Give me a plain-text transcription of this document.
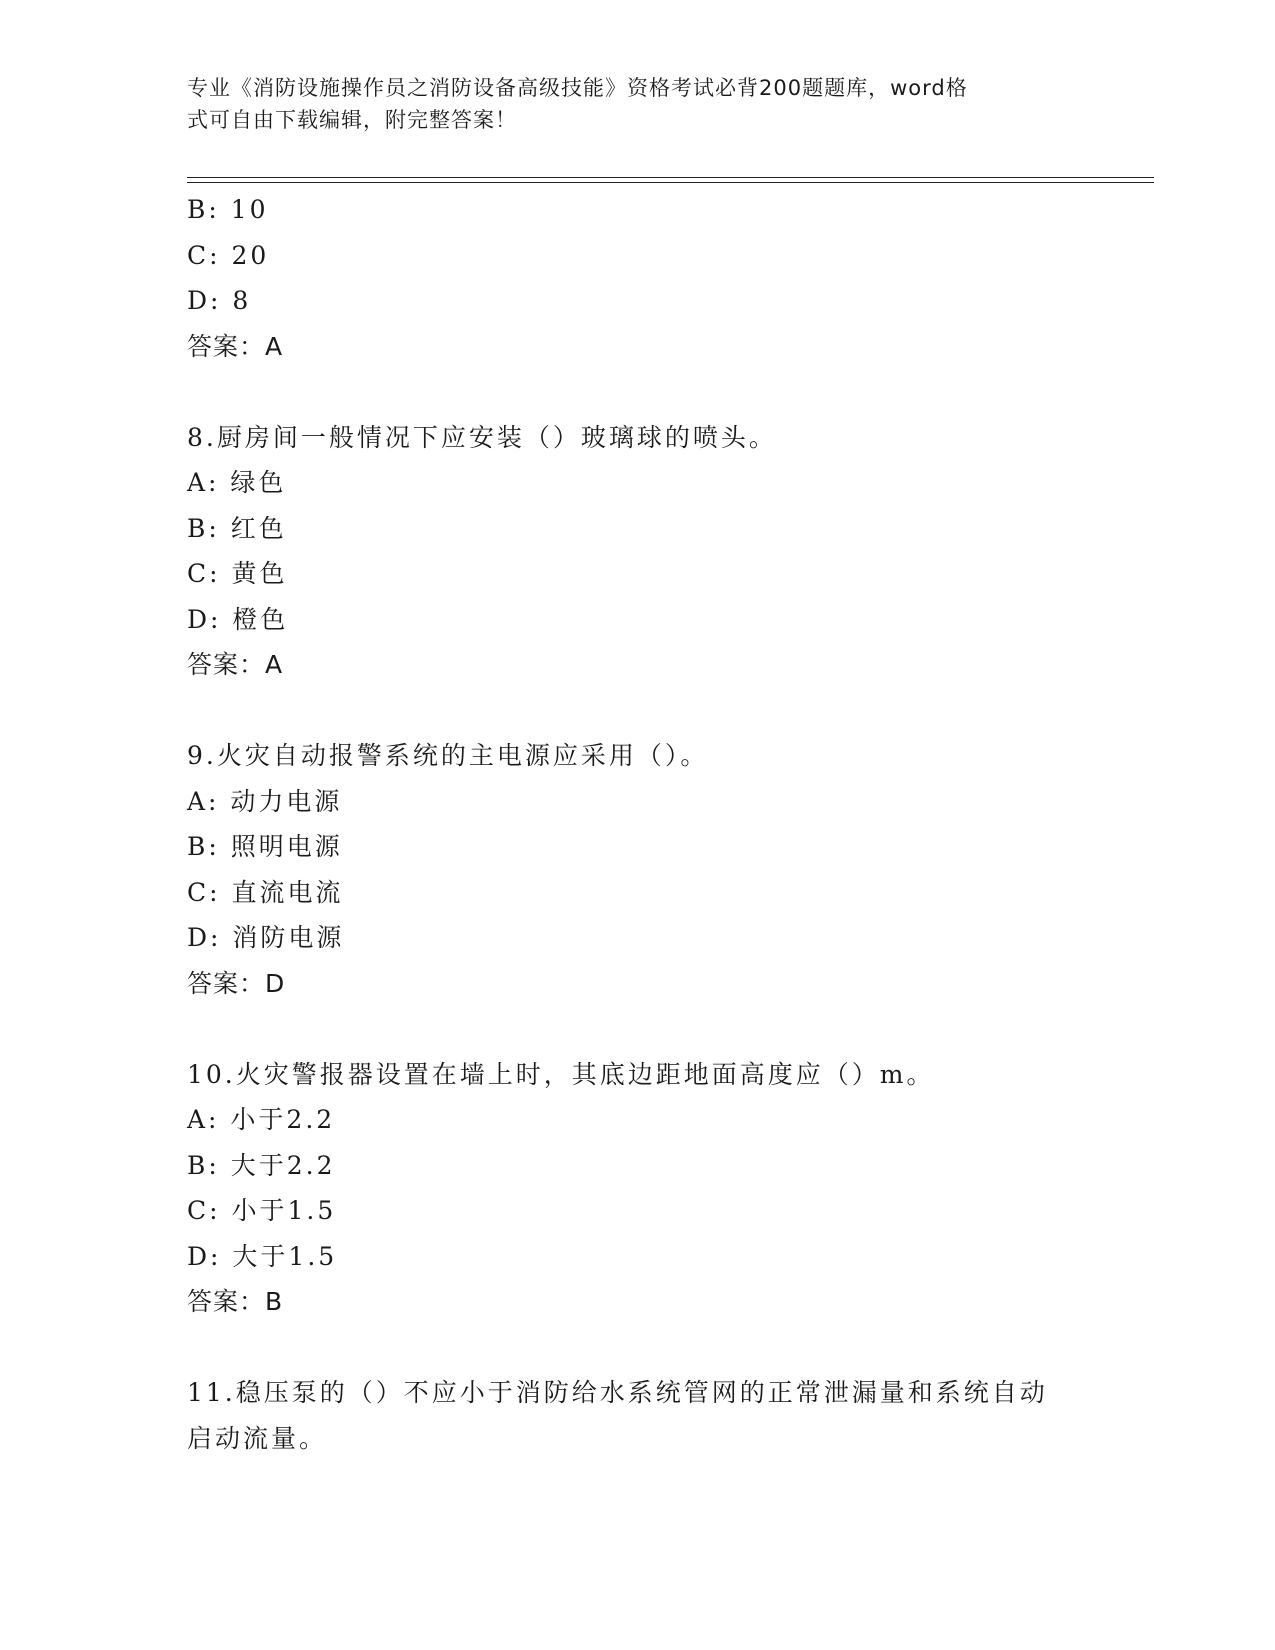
专业《消防设施操作员之消防设备高级技能》资格考试必背200题题库，word格
式可自由下载编辑，附完整答案！
B: 10
C: 20
D: 8
答案：A
8.厨房间一般情况下应安装（）玻璃球的喷头。
A: 绿色
B: 红色
C: 黄色
D: 橙色
答案：A
9.火灾自动报警系统的主电源应采用（）。
A: 动力电源
B: 照明电源
C: 直流电流
D: 消防电源
答案：D
10.火灾警报器设置在墙上时，其底边距地面高度应（）m。
A: 小于2.2
B: 大于2.2
C: 小于1.5
D: 大于1.5
答案：B
11.稳压泵的（）不应小于消防给水系统管网的正常泄漏量和系统自动
启动流量。
